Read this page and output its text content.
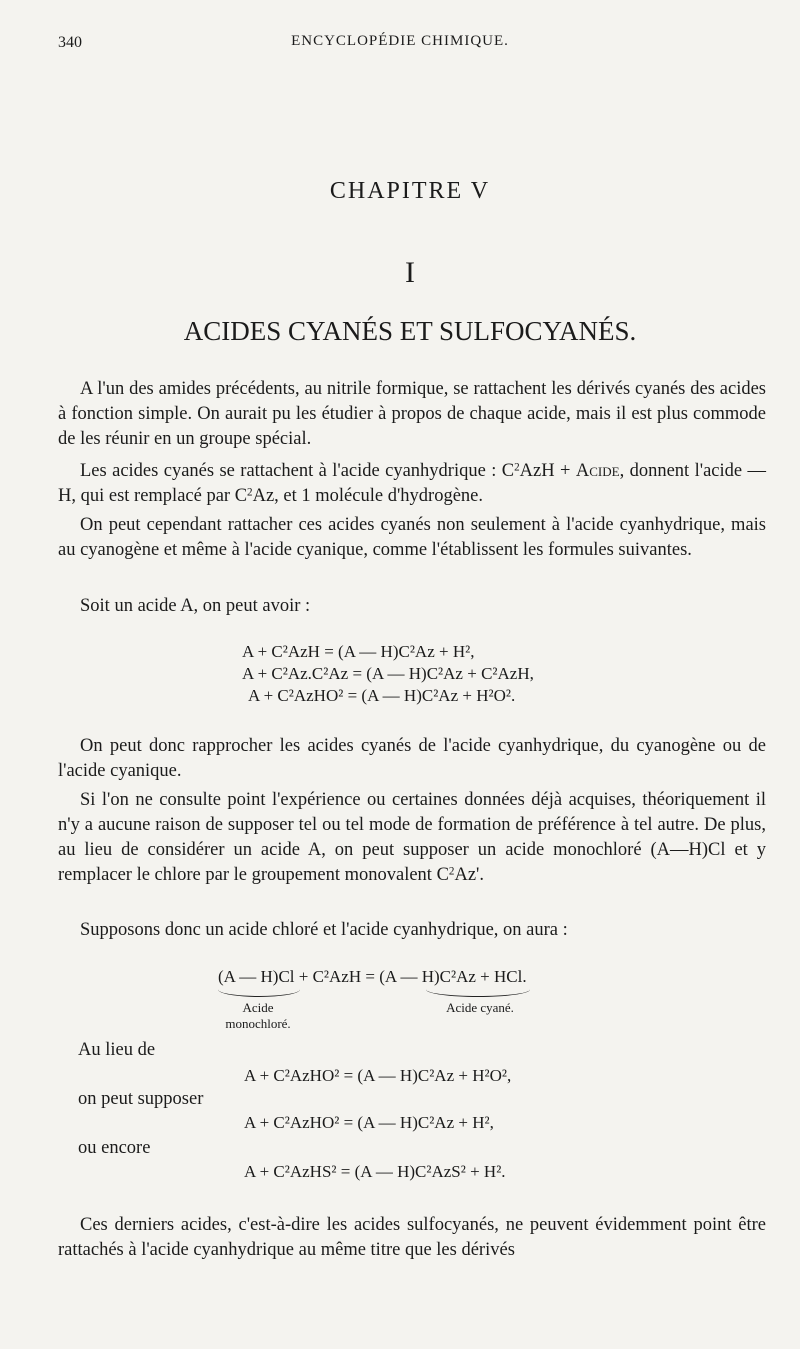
340	ENCYCLOPÉDIE CHIMIQUE.
CHAPITRE V
I
ACIDES CYANÉS ET SULFOCYANÉS.

A l'un des amides précédents, au nitrile formique, se rattachent les dérivés cyanés des acides à fonction simple. On aurait pu les étudier à propos de chaque acide, mais il est plus commode de les réunir en un groupe spécial.

Les acides cyanés se rattachent à l'acide cyanhydrique : $C^2AzH$ + Acide, donnent l'acide — H, qui est remplacé par $C^2Az$, et 1 molécule d'hydrogène.

On peut cependant rattacher ces acides cyanés non seulement à l'acide cyanhydrique, mais au cyanogène et même à l'acide cyanique, comme l'établissent les formules suivantes.

Soit un acide A, on peut avoir :

A + C²AzH = (A — H)C²Az + H²,
A + C²Az.C²Az = (A — H)C²Az + C²AzH,
A + C²AzHO² = (A — H)C²Az + H²O².

On peut donc rapprocher les acides cyanés de l'acide cyanhydrique, du cyanogène ou de l'acide cyanique.

Si l'on ne consulte point l'expérience ou certaines données déjà acquises, théoriquement il n'y a aucune raison de supposer tel ou tel mode de formation de préférence à tel autre. De plus, au lieu de considérer un acide A, on peut supposer un acide monochloré (A—H)Cl et y remplacer le chlore par le groupement monovalent $C^2Az'$.

Supposons donc un acide chloré et l'acide cyanhydrique, on aura :

(A — H)Cl + C²AzH = (A — H)C²Az + HCl.
Acide
monochloré.
Acide cyané.
Au lieu de
A + C²AzHO² = (A — H)C²Az + H²O²,
on peut supposer
A + C²AzHO² = (A — H)C²Az + H²,
ou encore
A + C²AzHS² = (A — H)C²AzS² + H².

Ces derniers acides, c'est-à-dire les acides sulfocyanés, ne peuvent évidemment point être rattachés à l'acide cyanhydrique au même titre que les dérivés
